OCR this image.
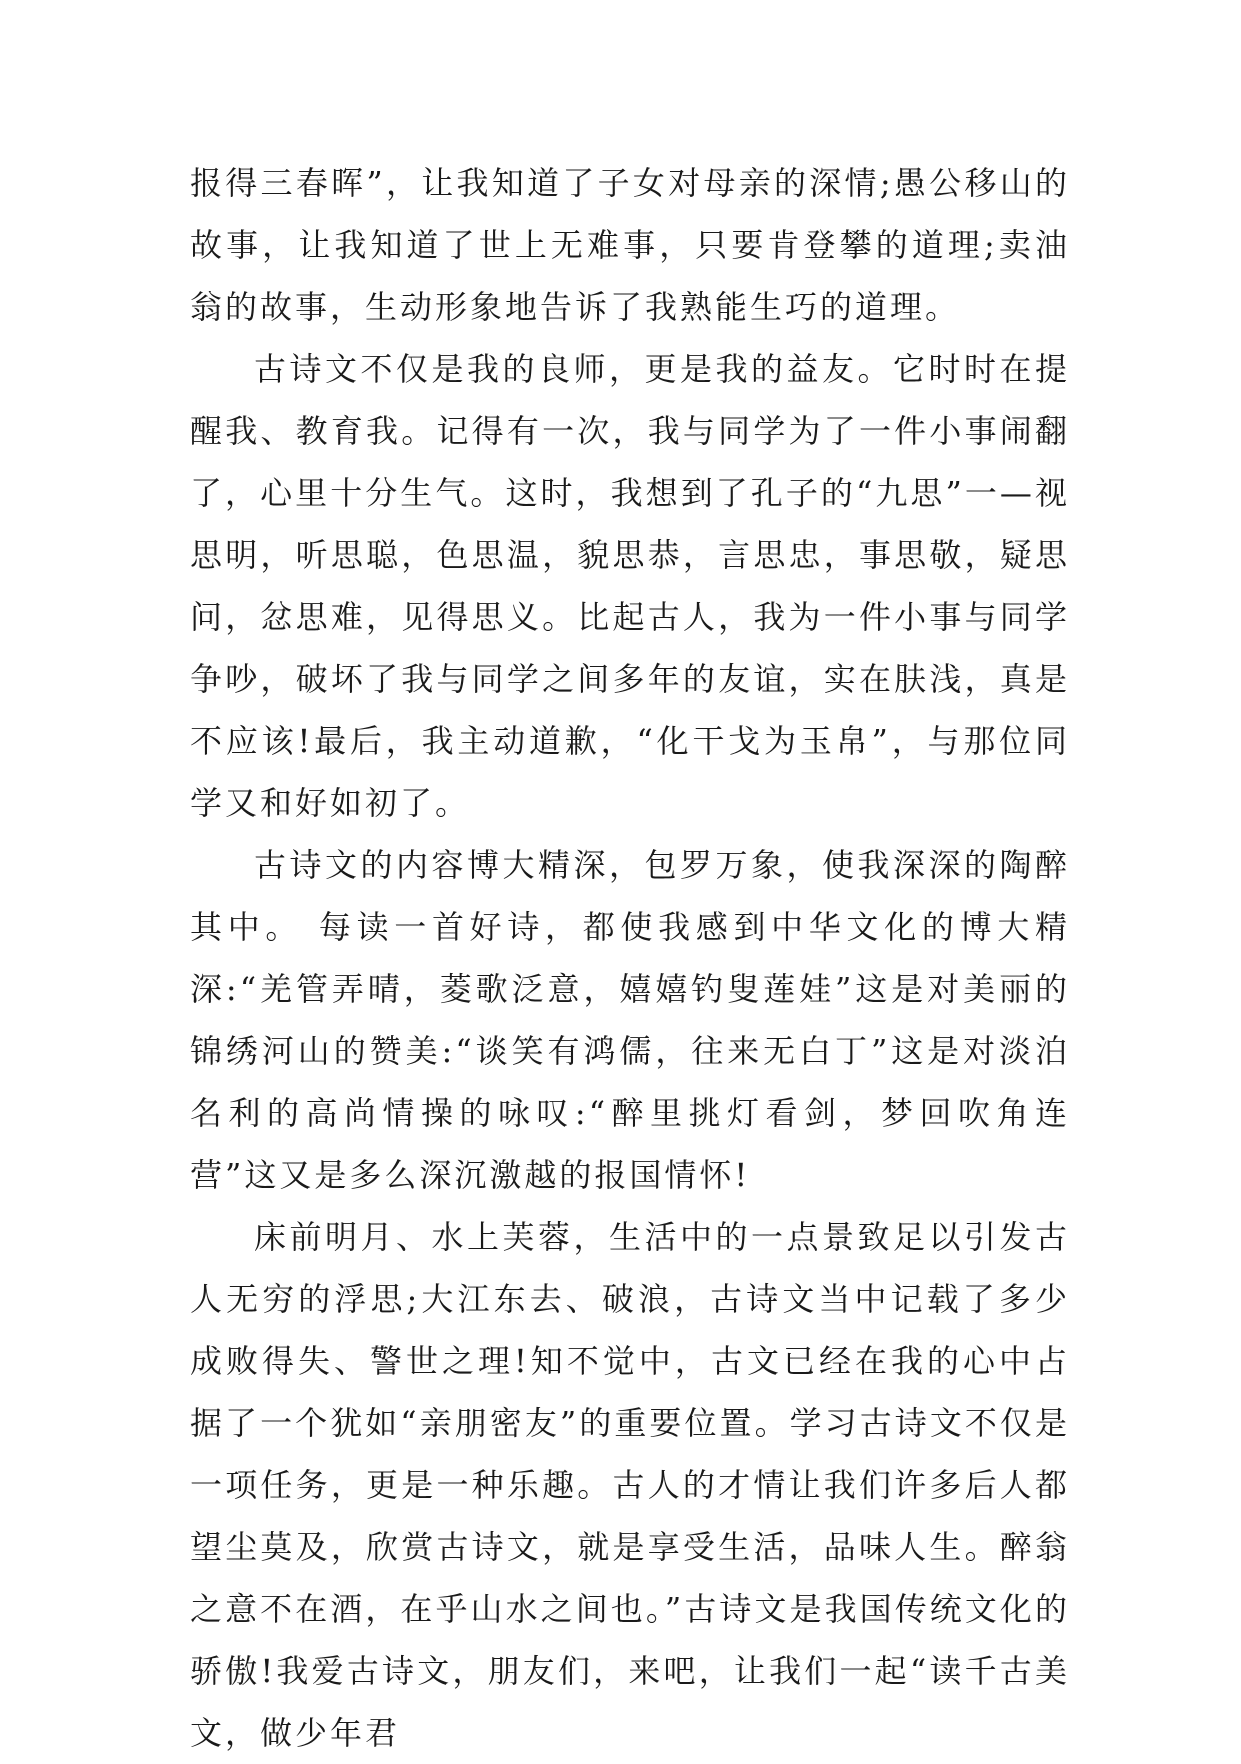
报得三春晖”，让我知道了子女对母亲的深情;愚公移山的故事，让我知道了世上无难事，只要肯登攀的道理;卖油翁的故事，生动形象地告诉了我熟能生巧的道理。

古诗文不仅是我的良师，更是我的益友。它时时在提醒我、教育我。记得有一次，我与同学为了一件小事闹翻了，心里十分生气。这时，我想到了孔子的“九思”一—视思明，听思聪，色思温，貌思恭，言思忠，事思敬，疑思问，忿思难，见得思义。比起古人，我为一件小事与同学争吵，破坏了我与同学之间多年的友谊，实在肤浅，真是不应该!最后，我主动道歉，“化干戈为玉帛”，与那位同学又和好如初了。

古诗文的内容博大精深，包罗万象，使我深深的陶醉其中。 每读一首好诗，都使我感到中华文化的博大精深:“羌管弄晴，菱歌泛意，嬉嬉钓叟莲娃”这是对美丽的锦绣河山的赞美:“谈笑有鸿儒，往来无白丁”这是对淡泊名利的高尚情操的咏叹:“醉里挑灯看剑，梦回吹角连营”这又是多么深沉激越的报国情怀!

床前明月、水上芙蓉，生活中的一点景致足以引发古人无穷的浮思;大江东去、破浪，古诗文当中记载了多少成败得失、警世之理!知不觉中，古文已经在我的心中占据了一个犹如“亲朋密友”的重要位置。学习古诗文不仅是一项任务，更是一种乐趣。古人的才情让我们许多后人都望尘莫及，欣赏古诗文，就是享受生活，品味人生。醉翁之意不在酒，在乎山水之间也。”古诗文是我国传统文化的骄傲!我爱古诗文，朋友们，来吧，让我们一起“读千古美文，做少年君
